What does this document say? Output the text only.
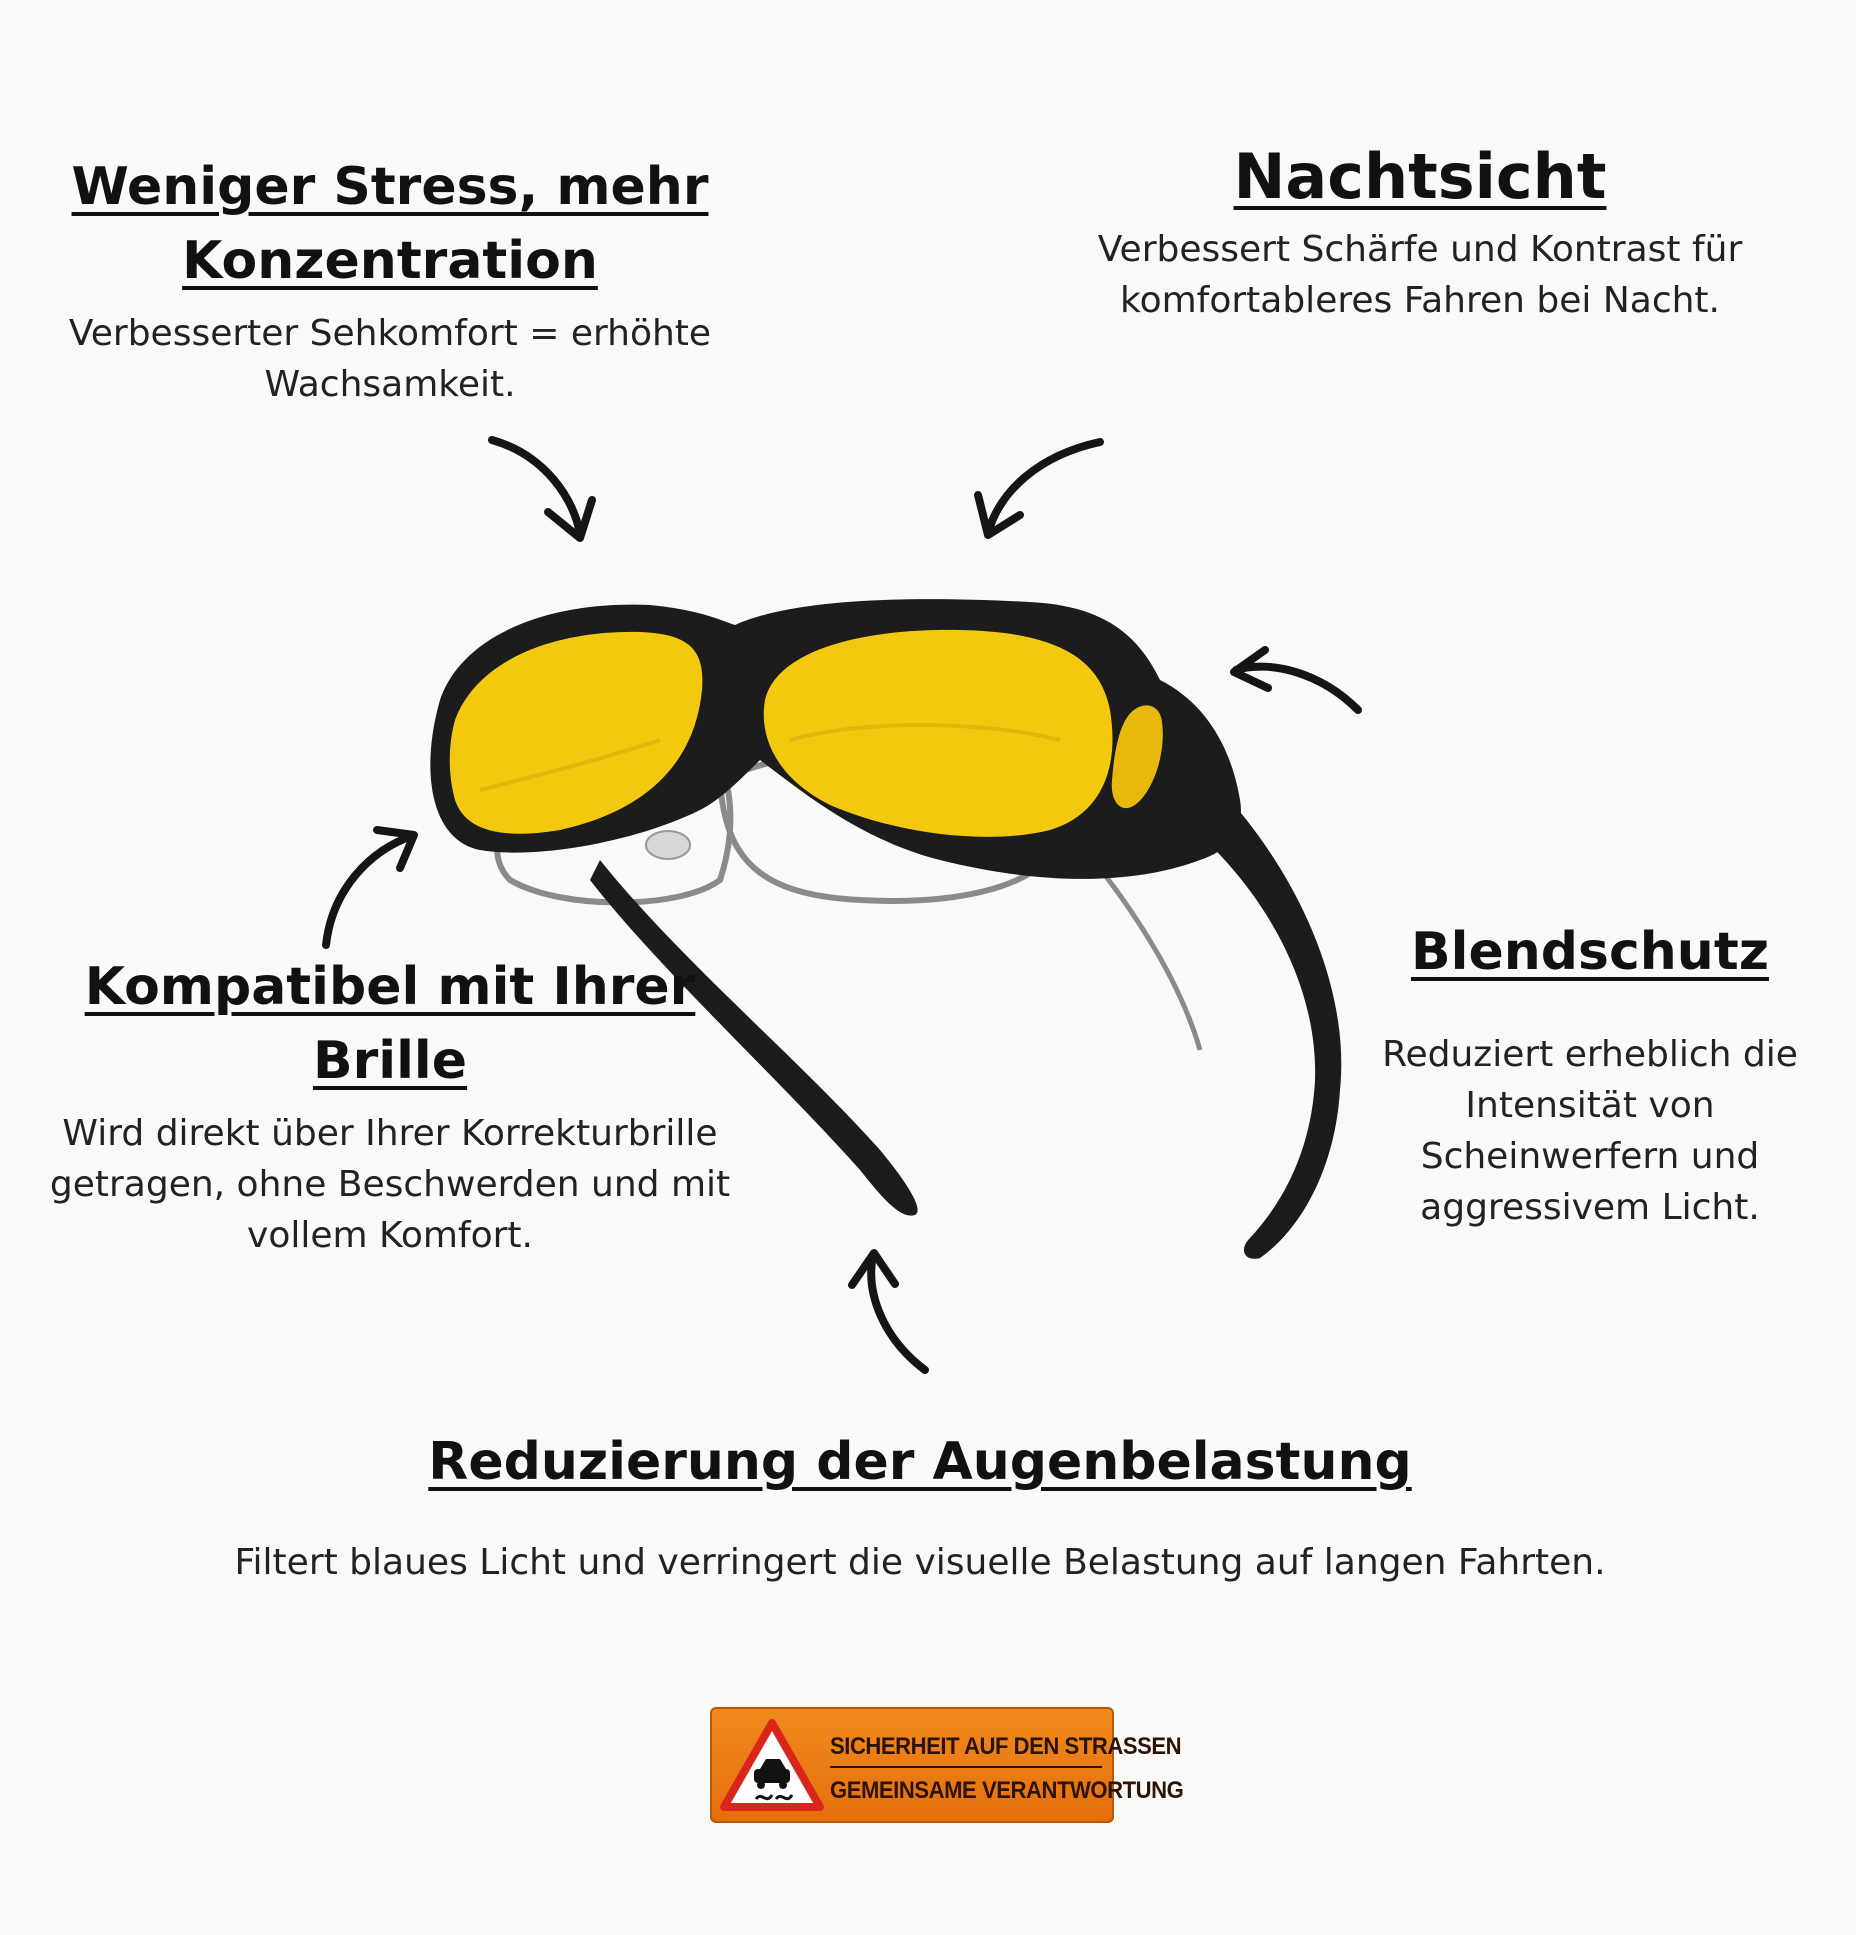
Weniger Stress, mehr

Konzentration

Verbesserter Sehkomfort = erhöhte
Wachsamkeit.

Nachtsicht

Verbessert Schärfe und Kontrast für
komfortableres Fahren bei Nacht.

Blendschutz

Reduziert erheblich die
Intensität von
Scheinwerfern und
aggressivem Licht.

Kompatibel mit Ihrer

Brille

Wird direkt über Ihrer Korrekturbrille
getragen, ohne Beschwerden und mit
vollem Komfort.

Reduzierung der Augenbelastung

Filtert blaues Licht und verringert die visuelle Belastung auf langen Fahrten.
SICHERHEIT AUF DEN STRASSEN
GEMEINSAME VERANTWORTUNG
